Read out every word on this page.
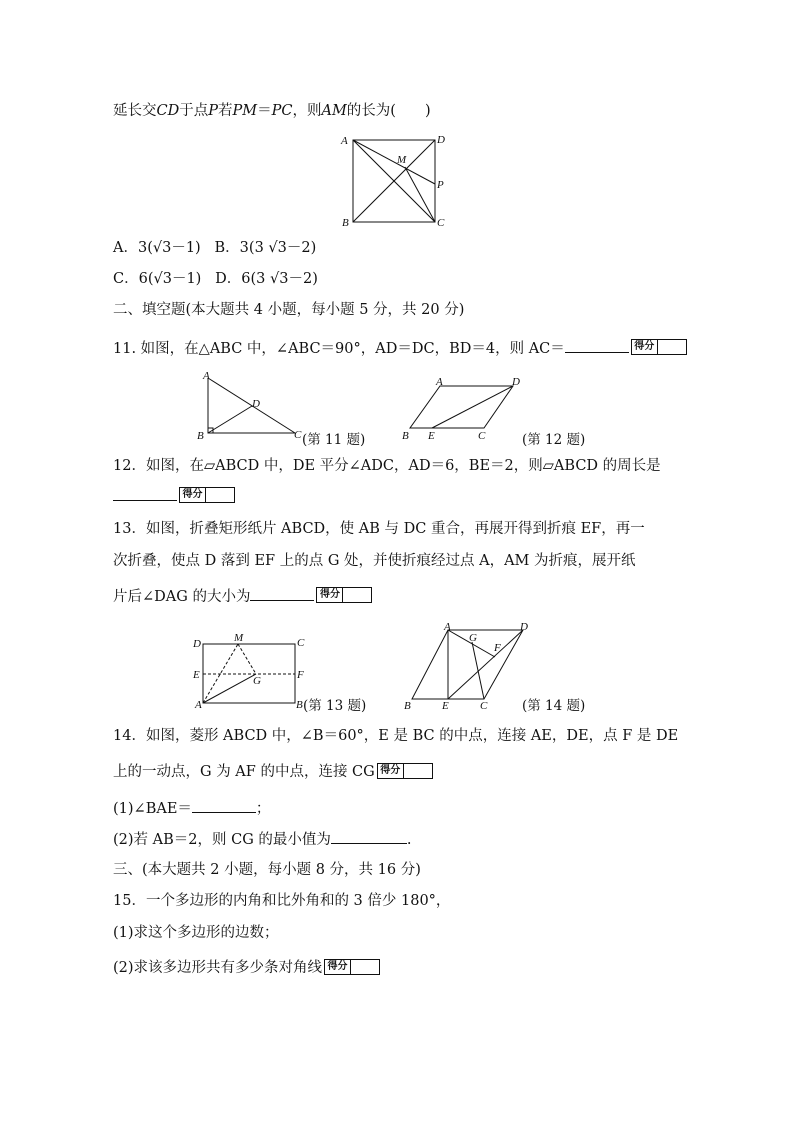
延长交CD于点P若PM＝PC，则AM的长为(　　)
A	D
M
P
B	C
A．3(√3－1) B．3(3 √3－2)
C．6(√3－1) D．6(3 √3－2)
二、填空题(本大题共 4 小题，每小题 5 分，共 20 分)
11. 如图，在△ABC 中，∠ABC＝90°，AD＝DC，BD＝4，则 AC＝	得分
A
D
B	C (第 11 题)
A	D
B E	C	(第 12 题)
12．如图，在▱ABCD 中，DE 平分∠ADC，AD＝6，BE＝2，则▱ABCD 的周长是
得分
13．如图，折叠矩形纸片 ABCD，使 AB 与 DC 重合，再展开得到折痕 EF，再一
次折叠，使点 D 落到 EF 上的点 G 处，并使折痕经过点 A，AM 为折痕，展开纸
片后∠DAG 的大小为	得分
D	M	C
E	F
G
A	B (第 13 题)
A
G
D
F
B	E	C	(第 14 题)
14．如图，菱形 ABCD 中，∠B＝60°，E 是 BC 的中点，连接 AE，DE，点 F 是 DE
上的一动点，G 为 AF 的中点，连接 CG 得分
(1)∠BAE＝	；
(2)若 AB＝2，则 CG 的最小值为	.
三、(本大题共 2 小题，每小题 8 分，共 16 分)
15．一个多边形的内角和比外角和的 3 倍少 180°，
(1)求这个多边形的边数；
(2)求该多边形共有多少条对角线 得分
